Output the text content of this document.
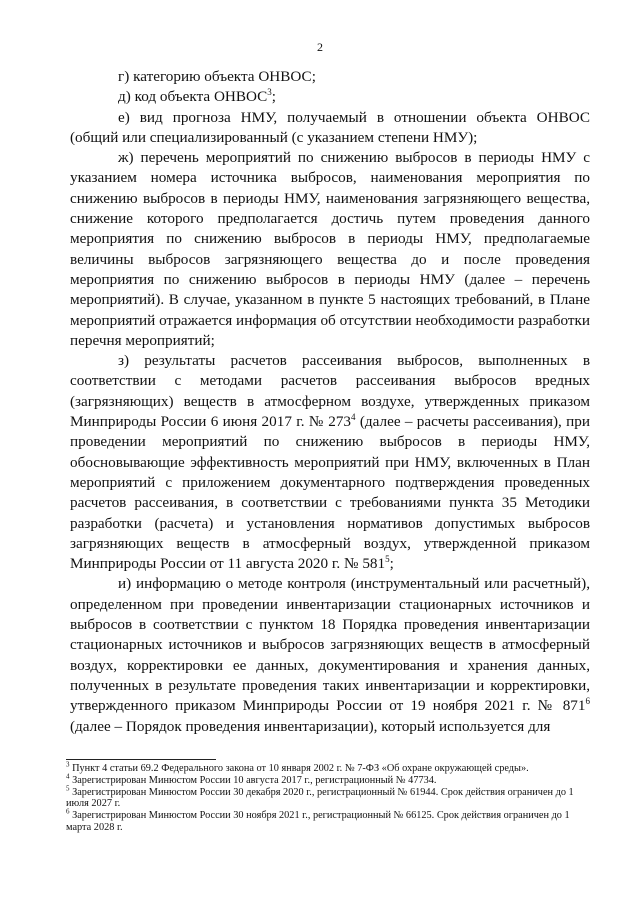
2

г) категорию объекта ОНВОС;

д) код объекта ОНВОС$^3$;

е) вид прогноза НМУ, получаемый в отношении объекта ОНВОС (общий или специализированный (с указанием степени НМУ);

ж) перечень мероприятий по снижению выбросов в периоды НМУ с указанием номера источника выбросов, наименования мероприятия по снижению выбросов в периоды НМУ, наименования загрязняющего вещества, снижение которого предполагается достичь путем проведения данного мероприятия по снижению выбросов в периоды НМУ, предполагаемые величины выбросов загрязняющего вещества до и после проведения мероприятия по снижению выбросов в периоды НМУ (далее – перечень мероприятий). В случае, указанном в пункте 5 настоящих требований, в Плане мероприятий отражается информация об отсутствии необходимости разработки перечня мероприятий;

з) результаты расчетов рассеивания выбросов, выполненных в соответствии с методами расчетов рассеивания выбросов вредных (загрязняющих) веществ в атмосферном воздухе, утвержденных приказом Минприроды России 6 июня 2017 г. № $273^4$ (далее – расчеты рассеивания), при проведении мероприятий по снижению выбросов в периоды НМУ, обосновывающие эффективность мероприятий при НМУ, включенных в План мероприятий с приложением документарного подтверждения проведенных расчетов рассеивания, в соответствии с требованиями пункта 35 Методики разработки (расчета) и установления нормативов допустимых выбросов загрязняющих веществ в атмосферный воздух, утвержденной приказом Минприроды России от 11 августа 2020 г. № $581^5$;

и) информацию о методе контроля (инструментальный или расчетный), определенном при проведении инвентаризации стационарных источников и выбросов в соответствии с пунктом 18 Порядка проведения инвентаризации стационарных источников и выбросов загрязняющих веществ в атмосферный воздух, корректировки ее данных, документирования и хранения данных, полученных в результате проведения таких инвентаризации и корректировки, утвержденного приказом Минприроды России от 19 ноября 2021 г. № $871^6$ (далее – Порядок проведения инвентаризации), который используется для

$^3$ Пункт 4 статьи 69.2 Федерального закона от 10 января 2002 г. № 7-ФЗ «Об охране окружающей среды».

$^4$ Зарегистрирован Минюстом России 10 августа 2017 г., регистрационный № 47734.

$^5$ Зарегистрирован Минюстом России 30 декабря 2020 г., регистрационный № 61944. Срок действия ограничен до 1 июля 2027 г.

$^6$ Зарегистрирован Минюстом России 30 ноября 2021 г., регистрационный № 66125. Срок действия ограничен до 1 марта 2028 г.
